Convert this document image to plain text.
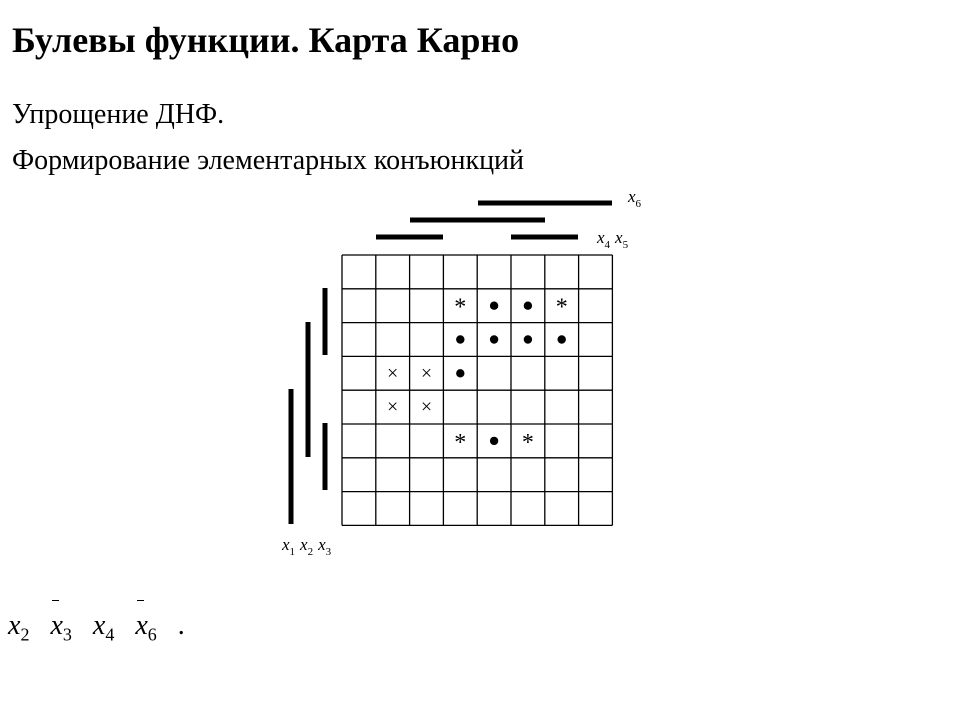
Булевы функции. Карта Карно

Упрощение ДНФ.

Формирование элементарных конъюнкций

*	*
× ×
× ×
* *
$x_6$
$x_4$ $x_5$
$x_1$ $x_2$ $x_3$
$x_2$ $x_3$ $x_4$ $x_6$ .
